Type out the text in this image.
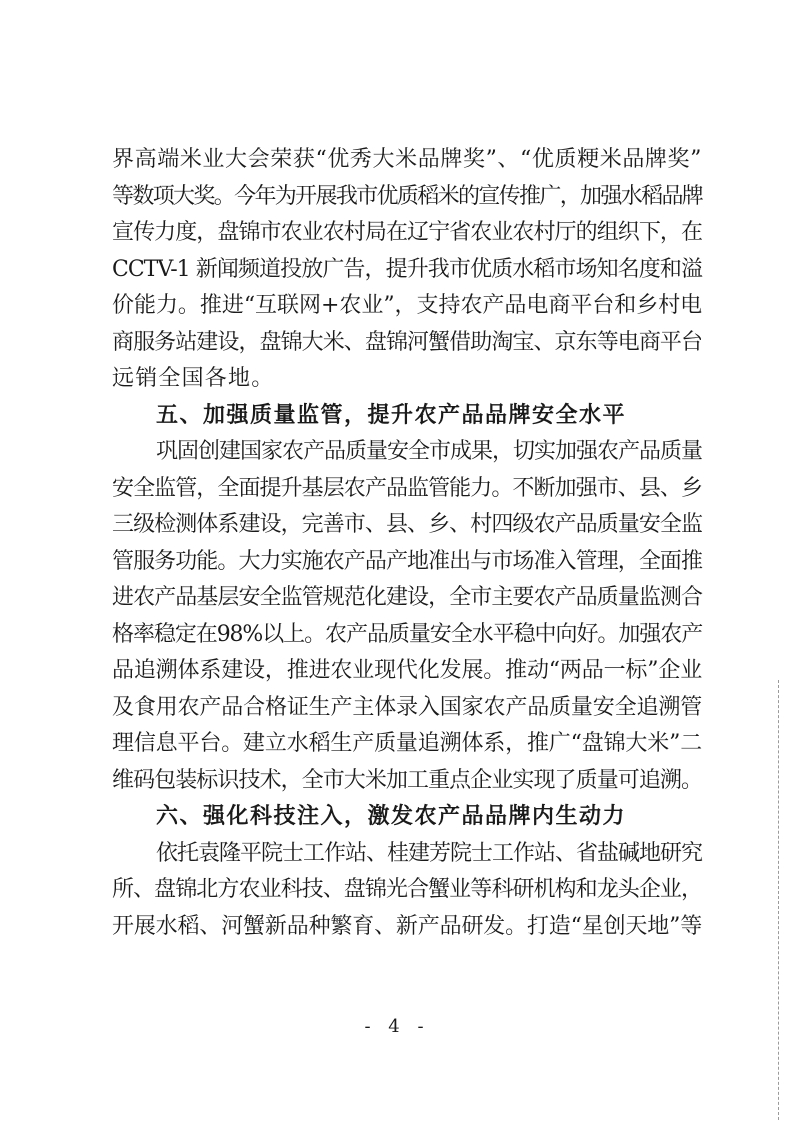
界高端米业大会荣获“优秀大米品牌奖”、“优质粳米品牌奖”
等数项大奖。今年为开展我市优质稻米的宣传推广，加强水稻品牌
宣传力度，盘锦市农业农村局在辽宁省农业农村厅的组织下，在
CCTV-1 新闻频道投放广告，提升我市优质水稻市场知名度和溢
价能力。推进“互联网+农业”，支持农产品电商平台和乡村电
商服务站建设，盘锦大米、盘锦河蟹借助淘宝、京东等电商平台
远销全国各地。
五、加强质量监管，提升农产品品牌安全水平
巩固创建国家农产品质量安全市成果，切实加强农产品质量
安全监管，全面提升基层农产品监管能力。不断加强市、县、乡
三级检测体系建设，完善市、县、乡、村四级农产品质量安全监
管服务功能。大力实施农产品产地准出与市场准入管理，全面推
进农产品基层安全监管规范化建设，全市主要农产品质量监测合
格率稳定在98%以上。农产品质量安全水平稳中向好。加强农产
品追溯体系建设，推进农业现代化发展。推动“两品一标”企业
及食用农产品合格证生产主体录入国家农产品质量安全追溯管
理信息平台。建立水稻生产质量追溯体系，推广“盘锦大米”二
维码包装标识技术，全市大米加工重点企业实现了质量可追溯。
六、强化科技注入，激发农产品品牌内生动力
依托袁隆平院士工作站、桂建芳院士工作站、省盐碱地研究
所、盘锦北方农业科技、盘锦光合蟹业等科研机构和龙头企业，
开展水稻、河蟹新品种繁育、新产品研发。打造“星创天地”等
- 4 -
